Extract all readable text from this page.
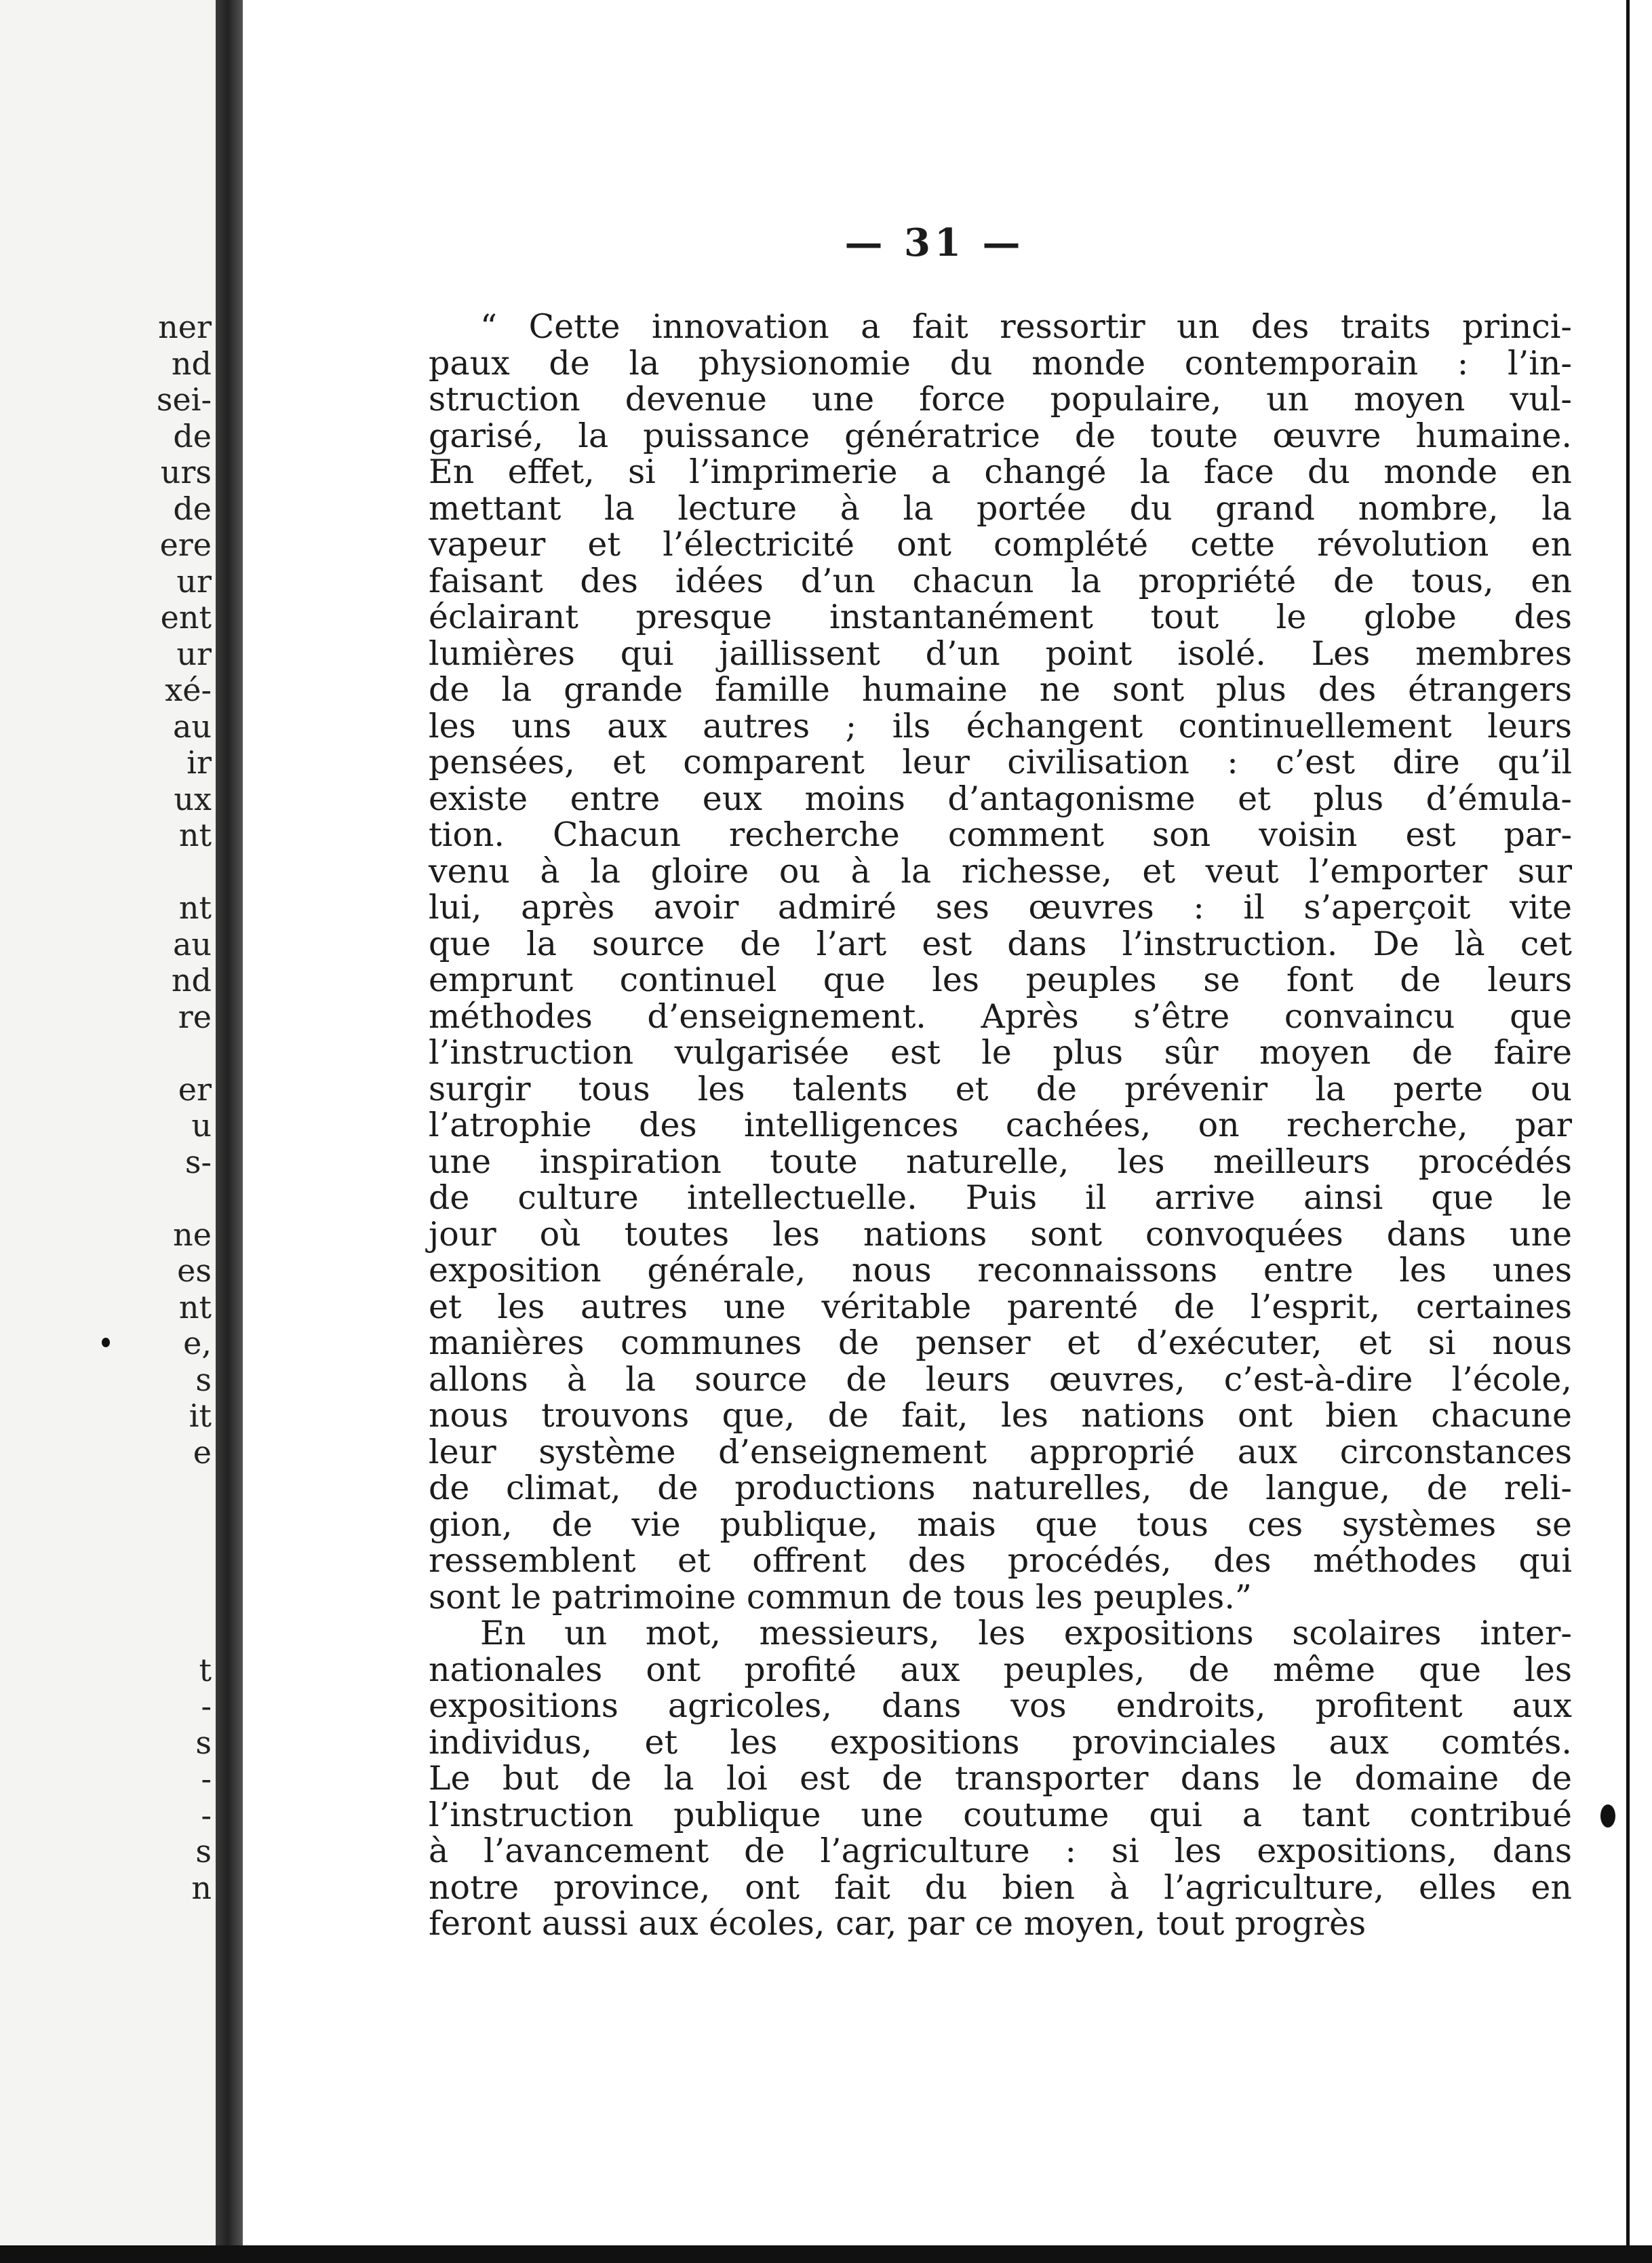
ner
nd
sei-
de
urs
de
ere
ur
ent
ur
xé-
au
ir
ux
nt
nt
au
nd
re
er
u
s-
ne
es
nt
e,
s
it
e
t
-
s
-
-
s
n
— 31 —
“ Cette innovation a fait ressortir un des traits princi-
paux de la physionomie du monde contemporain : l’in-
struction devenue une force populaire, un moyen vul-
garisé, la puissance génératrice de toute œuvre humaine.
En effet, si l’imprimerie a changé la face du monde en
mettant la lecture à la portée du grand nombre, la
vapeur et l’électricité ont complété cette révolution en
faisant des idées d’un chacun la propriété de tous, en
éclairant presque instantanément tout le globe des
lumières qui jaillissent d’un point isolé. Les membres
de la grande famille humaine ne sont plus des étrangers
les uns aux autres ; ils échangent continuellement leurs
pensées, et comparent leur civilisation : c’est dire qu’il
existe entre eux moins d’antagonisme et plus d’émula-
tion. Chacun recherche comment son voisin est par-
venu à la gloire ou à la richesse, et veut l’emporter sur
lui, après avoir admiré ses œuvres : il s’aperçoit vite
que la source de l’art est dans l’instruction. De là cet
emprunt continuel que les peuples se font de leurs
méthodes d’enseignement. Après s’être convaincu que
l’instruction vulgarisée est le plus sûr moyen de faire
surgir tous les talents et de prévenir la perte ou
l’atrophie des intelligences cachées, on recherche, par
une inspiration toute naturelle, les meilleurs procédés
de culture intellectuelle. Puis il arrive ainsi que le
jour où toutes les nations sont convoquées dans une
exposition générale, nous reconnaissons entre les unes
et les autres une véritable parenté de l’esprit, certaines
manières communes de penser et d’exécuter, et si nous
allons à la source de leurs œuvres, c’est-à-dire l’école,
nous trouvons que, de fait, les nations ont bien chacune
leur système d’enseignement approprié aux circonstances
de climat, de productions naturelles, de langue, de reli-
gion, de vie publique, mais que tous ces systèmes se
ressemblent et offrent des procédés, des méthodes qui
sont le patrimoine commun de tous les peuples.”
En un mot, messieurs, les expositions scolaires inter-
nationales ont profité aux peuples, de même que les
expositions agricoles, dans vos endroits, profitent aux
individus, et les expositions provinciales aux comtés.
Le but de la loi est de transporter dans le domaine de
l’instruction publique une coutume qui a tant contribué
à l’avancement de l’agriculture : si les expositions, dans
notre province, ont fait du bien à l’agriculture, elles en
feront aussi aux écoles, car, par ce moyen, tout progrès
